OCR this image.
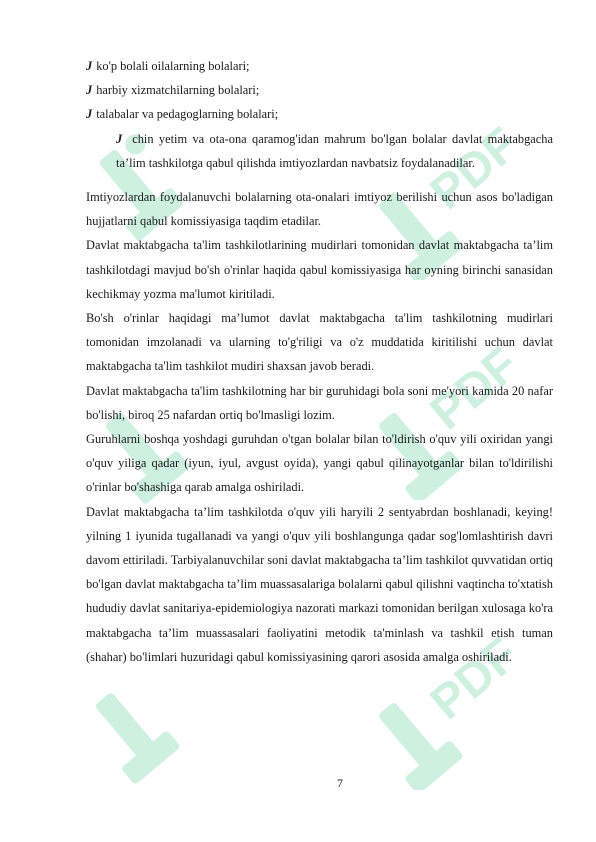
PDF
PDF
PDF
J ko'p bolali oilalarning bolalari;
J harbiy xizmatchilarning bolalari;
J talabalar va pedagoglarning bolalari;
J chin yetim va ota-ona qaramog'idan mahrum bo'lgan bolalar davlat maktabgacha ta’lim tashkilotga qabul qilishda imtiyozlardan navbatsiz foydalanadilar.
Imtiyozlardan foydalanuvchi bolalarning ota-onalari imtiyoz berilishi uchun asos bo'ladigan hujjatlarni qabul komissiyasiga taqdim etadilar.
Davlat maktabgacha ta'lim tashkilotlarining mudirlari tomonidan davlat maktabgacha ta’lim tashkilotdagi mavjud bo'sh o'rinlar haqida qabul komissiyasiga har oyning birinchi sanasidan kechikmay yozma ma'lumot kiritiladi.
Bo'sh o'rinlar haqidagi ma’lumot davlat maktabgacha ta'lim tashkilotning mudirlari tomonidan imzolanadi va ularning to'g'riligi va o'z muddatida kiritilishi uchun davlat maktabgacha ta'lim tashkilot mudiri shaxsan javob beradi.
Davlat maktabgacha ta'lim tashkilotning har bir guruhidagi bola soni me'yori kamida 20 nafar bo'lishi, biroq 25 nafardan ortiq bo'lmasligi lozim.
Guruhlarni boshqa yoshdagi guruhdan o'tgan bolalar bilan to'ldirish o'quv yili oxiridan yangi o'quv yiliga qadar (iyun, iyul, avgust oyida), yangi qabul qilinayotganlar bilan to'ldirilishi o'rinlar bo'shashiga qarab amalga oshiriladi.
Davlat maktabgacha ta’lim tashkilotda o'quv yili haryili 2 sentyabrdan boshlanadi, keying! yilning 1 iyunida tugallanadi va yangi o'quv yili boshlangunga qadar sog'lomlashtirish davri davom ettiriladi. Tarbiyalanuvchilar soni davlat maktabgacha ta’lim tashkilot quvvatidan ortiq bo'lgan davlat maktabgacha ta’lim muassasalariga bolalarni qabul qilishni vaqtincha to'xtatish hududiy davlat sanitariya-epidemiologiya nazorati markazi tomonidan berilgan xulosaga ko'ra maktabgacha ta’lim muassasalari faoliyatini metodik ta'minlash va tashkil etish tuman (shahar) bo'limlari huzuridagi qabul komissiyasining qarori asosida amalga oshiriladi.
7
